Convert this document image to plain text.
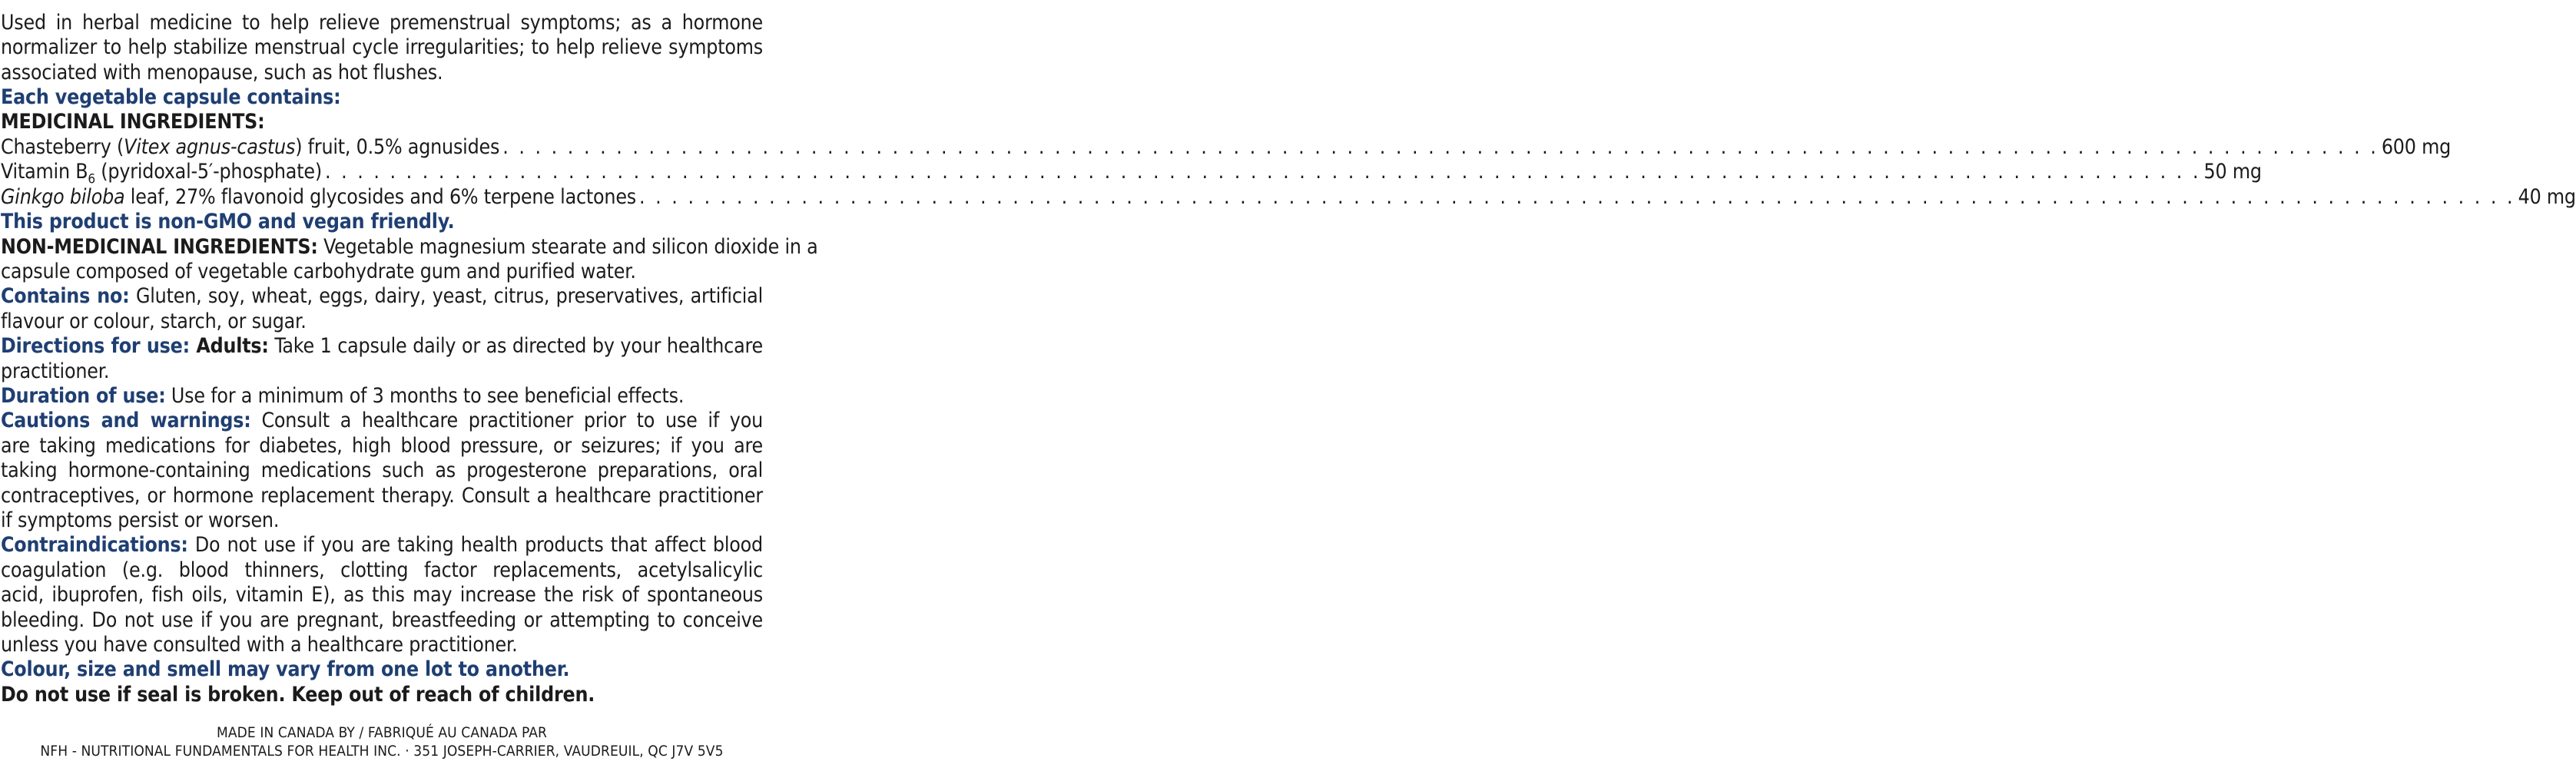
Used in herbal medicine to help relieve premenstrual symptoms; as a hormone
normalizer to help stabilize menstrual cycle irregularities; to help relieve symptoms
associated with menopause, such as hot flushes.
Each vegetable capsule contains:
MEDICINAL INGREDIENTS:
Chasteberry (Vitex agnus-castus) fruit, 0.5% agnusides . . .	600 mg
Vitamin $B_6$ (pyridoxal-5′-phosphate) . . .	50 mg
Ginkgo biloba leaf, 27% flavonoid glycosides and 6% terpene lactones . . .	40 mg
This product is non-GMO and vegan friendly.
NON-MEDICINAL INGREDIENTS: Vegetable magnesium stearate and silicon dioxide in a
capsule composed of vegetable carbohydrate gum and purified water.
Contains no: Gluten, soy, wheat, eggs, dairy, yeast, citrus, preservatives, artificial
flavour or colour, starch, or sugar.
Directions for use: Adults: Take 1 capsule daily or as directed by your healthcare
practitioner.
Duration of use: Use for a minimum of 3 months to see beneficial effects.
Cautions and warnings: Consult a healthcare practitioner prior to use if you
are taking medications for diabetes, high blood pressure, or seizures; if you are
taking hormone-containing medications such as progesterone preparations, oral
contraceptives, or hormone replacement therapy. Consult a healthcare practitioner
if symptoms persist or worsen.
Contraindications: Do not use if you are taking health products that affect blood
coagulation (e.g. blood thinners, clotting factor replacements, acetylsalicylic
acid, ibuprofen, fish oils, vitamin E), as this may increase the risk of spontaneous
bleeding. Do not use if you are pregnant, breastfeeding or attempting to conceive
unless you have consulted with a healthcare practitioner.
Colour, size and smell may vary from one lot to another.
Do not use if seal is broken. Keep out of reach of children.
MADE IN CANADA BY / FABRIQUÉ AU CANADA PAR
NFH - NUTRITIONAL FUNDAMENTALS FOR HEALTH INC. · 351 JOSEPH-CARRIER, VAUDREUIL, QC J7V 5V5
